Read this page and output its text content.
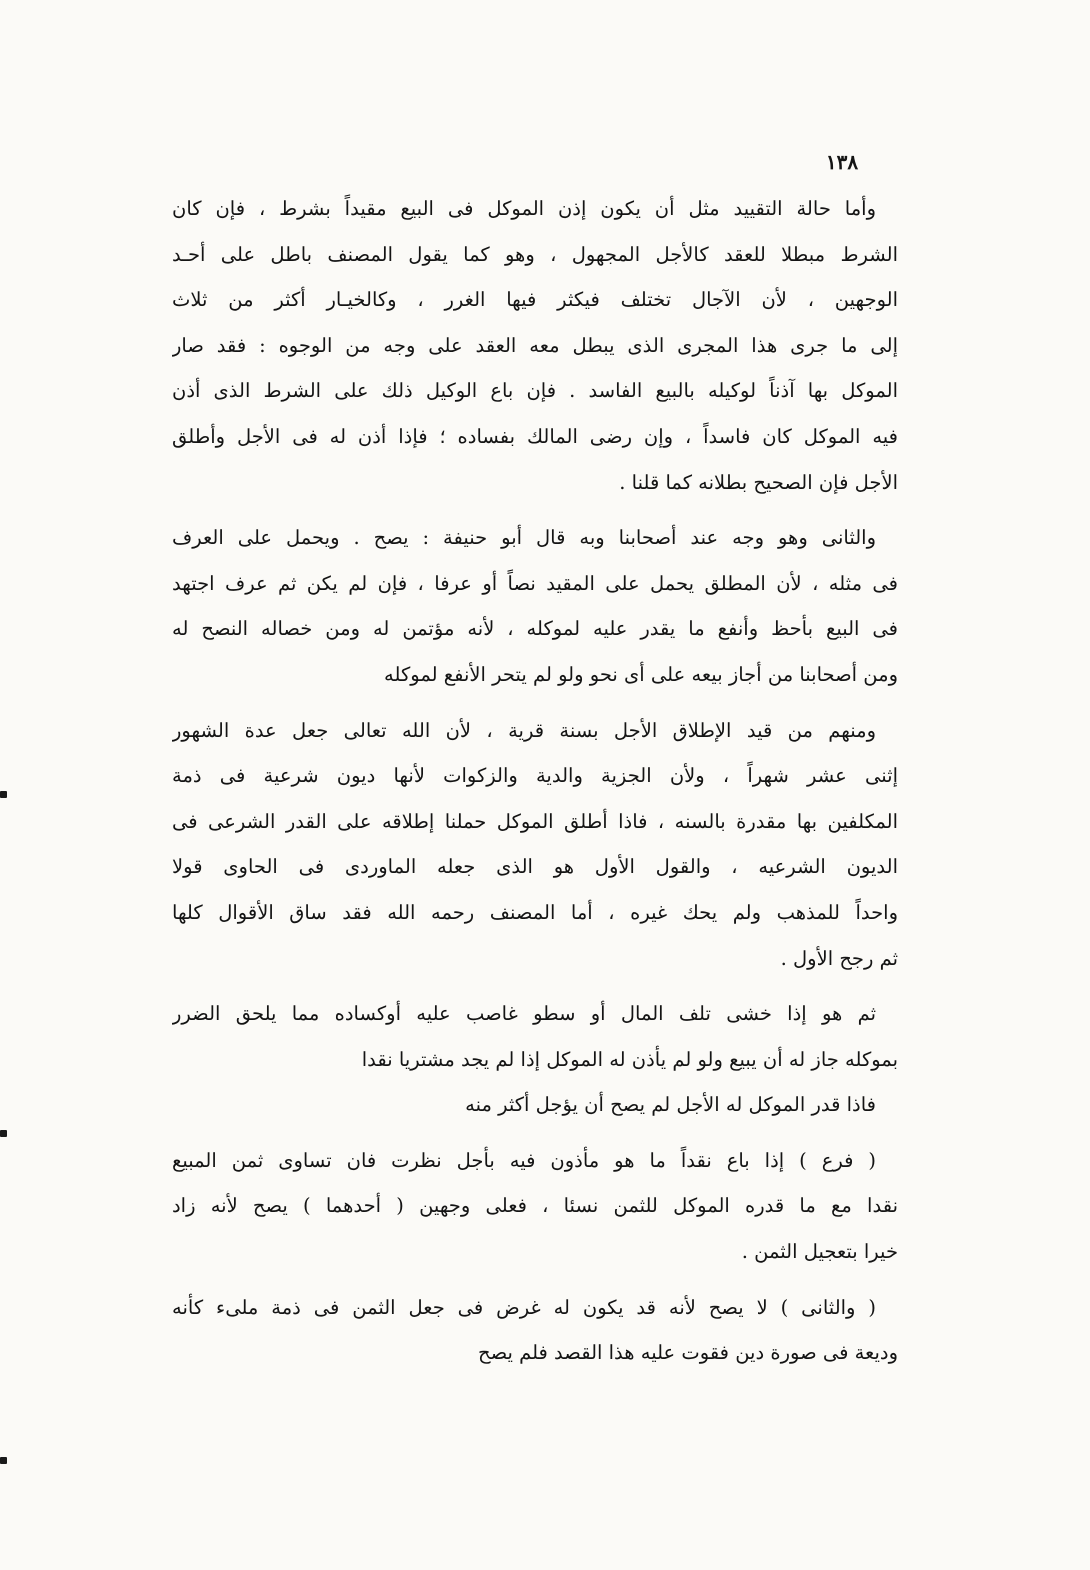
١٣٨
وأما حالة التقييد مثل أن يكون إذن الموكل فى البيع مقيداً بشرط ، فإن كان
الشرط مبطلا للعقد كالأجل المجهول ، وهو كما يقول المصنف باطل على أحـد
الوجهين ، لأن الآجال تختلف فيكثر فيها الغرر ، وكالخيـار أكثر من ثلاث
إلى ما جرى هذا المجرى الذى يبطل معه العقد على وجه من الوجوه : فقد صار
الموكل بها آذناً لوكيله بالبيع الفاسد . فإن باع الوكيل ذلك على الشرط الذى أذن
فيه الموكل كان فاسداً ، وإن رضى المالك بفساده ؛ فإذا أذن له فى الأجل وأطلق
الأجل فإن الصحيح بطلانه كما قلنا .
والثانى وهو وجه عند أصحابنا وبه قال أبو حنيفة : يصح . ويحمل على العرف
فى مثله ، لأن المطلق يحمل على المقيد نصاً أو عرفا ، فإن لم يكن ثم عرف اجتهد
فى البيع بأحظ وأنفع ما يقدر عليه لموكله ، لأنه مؤتمن له ومن خصاله النصح له
ومن أصحابنا من أجاز بيعه على أى نحو ولو لم يتحر الأنفع لموكله
ومنهم من قيد الإطلاق الأجل بسنة قرية ، لأن الله تعالى جعل عدة الشهور
إثنى عشر شهراً ، ولأن الجزية والدية والزكوات لأنها ديون شرعية فى ذمة
المكلفين بها مقدرة بالسنه ، فاذا أطلق الموكل حملنا إطلاقه على القدر الشرعى فى
الديون الشرعيه ، والقول الأول هو الذى جعله الماوردى فى الحاوى قولا
واحداً للمذهب ولم يحك غيره ، أما المصنف رحمه الله فقد ساق الأقوال كلها
ثم رجح الأول .
ثم هو إذا خشى تلف المال أو سطو غاصب عليه أوكساده مما يلحق الضرر
بموكله جاز له أن يبيع ولو لم يأذن له الموكل إذا لم يجد مشتريا نقدا
فاذا قدر الموكل له الأجل لم يصح أن يؤجل أكثر منه
( فرع ) إذا باع نقداً ما هو مأذون فيه بأجل نظرت فان تساوى ثمن المبيع
نقدا مع ما قدره الموكل للثمن نسئا ، فعلى وجهين ( أحدهما ) يصح لأنه زاد
خيرا بتعجيل الثمن .
( والثانى ) لا يصح لأنه قد يكون له غرض فى جعل الثمن فى ذمة ملىء كأنه
وديعة فى صورة دين فقوت عليه هذا القصد فلم يصح
